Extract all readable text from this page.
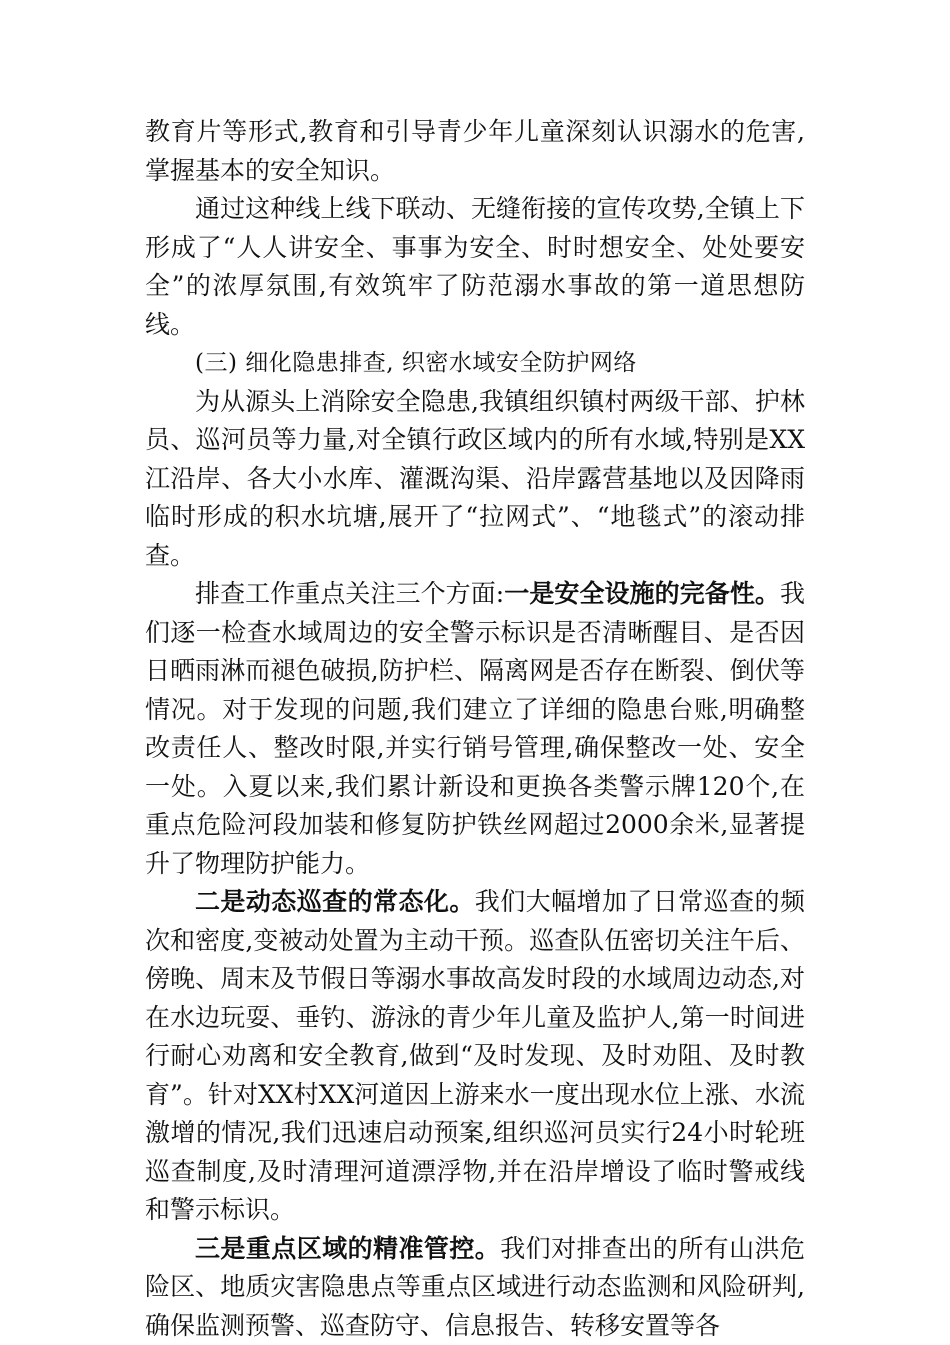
教育片等形式,教育和引导青少年儿童深刻认识溺水的危害,掌握基本的安全知识。

通过这种线上线下联动、无缝衔接的宣传攻势,全镇上下形成了“人人讲安全、事事为安全、时时想安全、处处要安全”的浓厚氛围,有效筑牢了防范溺水事故的第一道思想防线。

(三) 细化隐患排查, 织密水域安全防护网络

为从源头上消除安全隐患,我镇组织镇村两级干部、护林员、巡河员等力量,对全镇行政区域内的所有水域,特别是XX江沿岸、各大小水库、灌溉沟渠、沿岸露营基地以及因降雨临时形成的积水坑塘,展开了“拉网式”、“地毯式”的滚动排查。

排查工作重点关注三个方面:一是安全设施的完备性。我们逐一检查水域周边的安全警示标识是否清晰醒目、是否因日晒雨淋而褪色破损,防护栏、隔离网是否存在断裂、倒伏等情况。对于发现的问题,我们建立了详细的隐患台账,明确整改责任人、整改时限,并实行销号管理,确保整改一处、安全一处。入夏以来,我们累计新设和更换各类警示牌120个,在重点危险河段加装和修复防护铁丝网超过2000余米,显著提升了物理防护能力。

二是动态巡查的常态化。我们大幅增加了日常巡查的频次和密度,变被动处置为主动干预。巡查队伍密切关注午后、傍晚、周末及节假日等溺水事故高发时段的水域周边动态,对在水边玩耍、垂钓、游泳的青少年儿童及监护人,第一时间进行耐心劝离和安全教育,做到“及时发现、及时劝阻、及时教育”。针对XX村XX河道因上游来水一度出现水位上涨、水流激增的情况,我们迅速启动预案,组织巡河员实行24小时轮班巡查制度,及时清理河道漂浮物,并在沿岸增设了临时警戒线和警示标识。

三是重点区域的精准管控。我们对排查出的所有山洪危险区、地质灾害隐患点等重点区域进行动态监测和风险研判,确保监测预警、巡查防守、信息报告、转移安置等各
